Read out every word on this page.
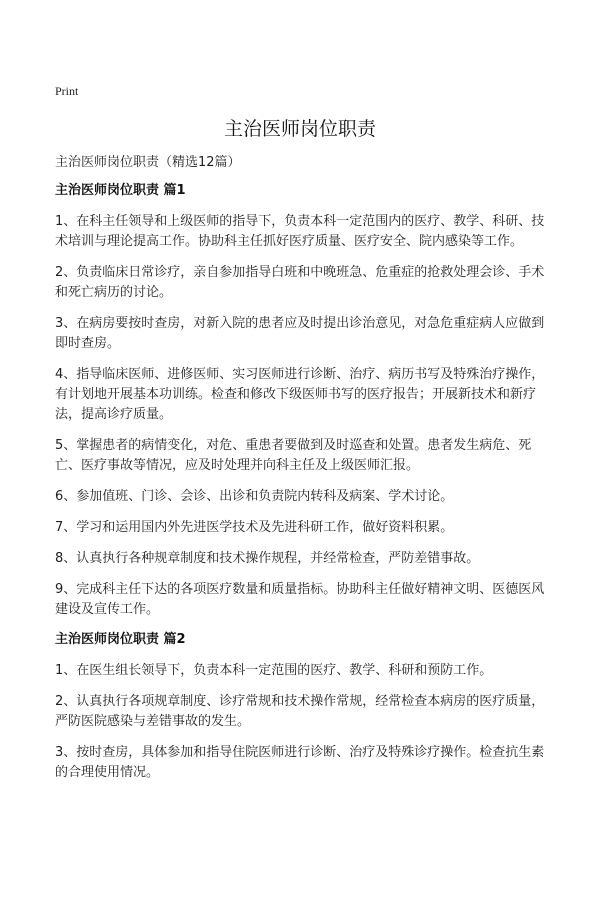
Print
主治医师岗位职责
主治医师岗位职责（精选12篇）
主治医师岗位职责 篇1

1、在科主任领导和上级医师的指导下，负责本科一定范围内的医疗、教学、科研、技术培训与理论提高工作。协助科主任抓好医疗质量、医疗安全、院内感染等工作。

2、负责临床日常诊疗，亲自参加指导白班和中晚班急、危重症的抢救处理会诊、手术和死亡病历的讨论。

3、在病房要按时查房，对新入院的患者应及时提出诊治意见，对急危重症病人应做到即时查房。

4、指导临床医师、进修医师、实习医师进行诊断、治疗、病历书写及特殊治疗操作，有计划地开展基本功训练。检查和修改下级医师书写的医疗报告；开展新技术和新疗法，提高诊疗质量。

5、掌握患者的病情变化，对危、重患者要做到及时巡查和处置。患者发生病危、死亡、医疗事故等情况，应及时处理并向科主任及上级医师汇报。

6、参加值班、门诊、会诊、出诊和负责院内转科及病案、学术讨论。

7、学习和运用国内外先进医学技术及先进科研工作，做好资料积累。

8、认真执行各种规章制度和技术操作规程，并经常检查，严防差错事故。

9、完成科主任下达的各项医疗数量和质量指标。协助科主任做好精神文明、医德医风建设及宣传工作。

主治医师岗位职责 篇2

1、在医生组长领导下，负责本科一定范围的医疗、教学、科研和预防工作。

2、认真执行各项规章制度、诊疗常规和技术操作常规，经常检查本病房的医疗质量，严防医院感染与差错事故的发生。

3、按时查房，具体参加和指导住院医师进行诊断、治疗及特殊诊疗操作。检查抗生素的合理使用情况。
